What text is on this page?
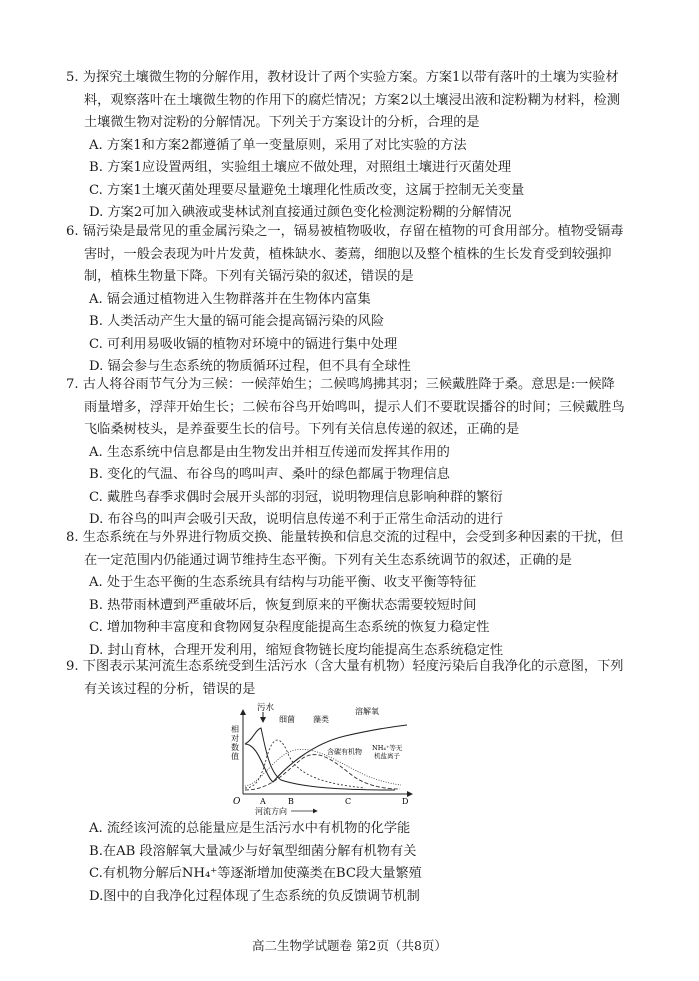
5. 为探究土壤微生物的分解作用，教材设计了两个实验方案。方案1以带有落叶的土壤为实验材料，观察落叶在土壤微生物的作用下的腐烂情况；方案2以土壤浸出液和淀粉糊为材料，检测土壤微生物对淀粉的分解情况。下列关于方案设计的分析，合理的是

A. 方案1和方案2都遵循了单一变量原则，采用了对比实验的方法

B. 方案1应设置两组，实验组土壤应不做处理，对照组土壤进行灭菌处理

C. 方案1土壤灭菌处理要尽量避免土壤理化性质改变，这属于控制无关变量

D. 方案2可加入碘液或斐林试剂直接通过颜色变化检测淀粉糊的分解情况

6. 镉污染是最常见的重金属污染之一，镉易被植物吸收，存留在植物的可食用部分。植物受镉毒害时，一般会表现为叶片发黄，植株缺水、萎蔫，细胞以及整个植株的生长发育受到较强抑制，植株生物量下降。下列有关镉污染的叙述，错误的是

A. 镉会通过植物进入生物群落并在生物体内富集

B. 人类活动产生大量的镉可能会提高镉污染的风险

C. 可利用易吸收镉的植物对环境中的镉进行集中处理

D. 镉会参与生态系统的物质循环过程，但不具有全球性

7. 古人将谷雨节气分为三候：一候萍始生；二候鸣鸠拂其羽；三候戴胜降于桑。意思是:一候降雨量增多，浮萍开始生长；二候布谷鸟开始鸣叫，提示人们不要耽误播谷的时间；三候戴胜鸟飞临桑树枝头，是养蚕要生长的信号。下列有关信息传递的叙述，正确的是

A. 生态系统中信息都是由生物发出并相互传递而发挥其作用的

B. 变化的气温、布谷鸟的鸣叫声、桑叶的绿色都属于物理信息

C. 戴胜鸟春季求偶时会展开头部的羽冠，说明物理信息影响种群的繁衍

D. 布谷鸟的叫声会吸引天敌，说明信息传递不利于正常生命活动的进行

8. 生态系统在与外界进行物质交换、能量转换和信息交流的过程中，会受到多种因素的干扰，但在一定范围内仍能通过调节维持生态平衡。下列有关生态系统调节的叙述，正确的是

A. 处于生态平衡的生态系统具有结构与功能平衡、收支平衡等特征

B. 热带雨林遭到严重破坏后，恢复到原来的平衡状态需要较短时间

C. 增加物种丰富度和食物网复杂程度能提高生态系统的恢复力稳定性

D. 封山育林，合理开发利用，缩短食物链长度均能提高生态系统稳定性

9. 下图表示某河流生态系统受到生活污水（含大量有机物）轻度污染后自我净化的示意图，下列有关该过程的分析，错误的是

污水
相
对
数
值
细菌 藻类
溶解氧
含碳有机物 NH₄⁺等无
机盐离子
O A	B	C	D
河流方向

A. 流经该河流的总能量应是生活污水中有机物的化学能

B.在AB 段溶解氧大量减少与好氧型细菌分解有机物有关

C.有机物分解后NH₄⁺等逐渐增加使藻类在BC段大量繁殖

D.图中的自我净化过程体现了生态系统的负反馈调节机制

高二生物学试题卷 第2页（共8页）
